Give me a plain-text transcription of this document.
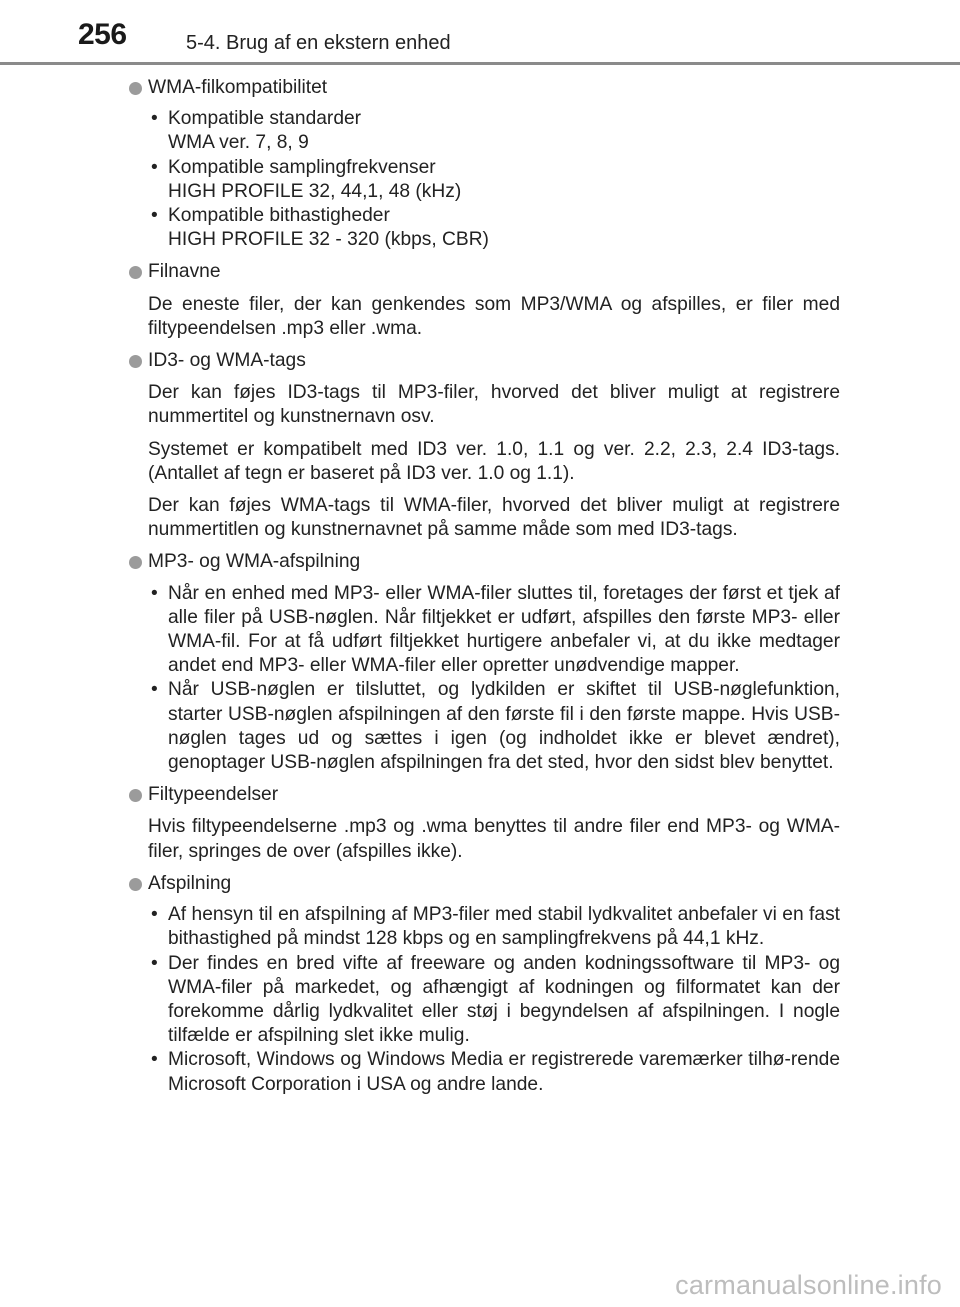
256	5-4. Brug af en ekstern enhed
WMA-filkompatibilitet
• Kompatible standarder
WMA ver. 7, 8, 9
• Kompatible samplingfrekvenser
HIGH PROFILE 32, 44,1, 48 (kHz)
• Kompatible bithastigheder
HIGH PROFILE 32 - 320 (kbps, CBR)
Filnavne
De eneste filer, der kan genkendes som MP3/WMA og afspilles, er filer med filtypeendelsen .mp3 eller .wma.
ID3- og WMA-tags
Der kan føjes ID3-tags til MP3-filer, hvorved det bliver muligt at registrere nummertitel og kunstnernavn osv.
Systemet er kompatibelt med ID3 ver. 1.0, 1.1 og ver. 2.2, 2.3, 2.4 ID3-tags. (Antallet af tegn er baseret på ID3 ver. 1.0 og 1.1).
Der kan føjes WMA-tags til WMA-filer, hvorved det bliver muligt at registrere nummertitlen og kunstnernavnet på samme måde som med ID3-tags.
MP3- og WMA-afspilning
• Når en enhed med MP3- eller WMA-filer sluttes til, foretages der først et tjek af alle filer på USB-nøglen. Når filtjekket er udført, afspilles den første MP3- eller WMA-fil. For at få udført filtjekket hurtigere anbefaler vi, at du ikke medtager andet end MP3- eller WMA-filer eller opretter unødvendige mapper.
• Når USB-nøglen er tilsluttet, og lydkilden er skiftet til USB-nøglefunktion, starter USB-nøglen afspilningen af den første fil i den første mappe. Hvis USB-nøglen tages ud og sættes i igen (og indholdet ikke er blevet ændret), genoptager USB-nøglen afspilningen fra det sted, hvor den sidst blev benyttet.
Filtypeendelser
Hvis filtypeendelserne .mp3 og .wma benyttes til andre filer end MP3- og WMA-filer, springes de over (afspilles ikke).
Afspilning
• Af hensyn til en afspilning af MP3-filer med stabil lydkvalitet anbefaler vi en fast bithastighed på mindst 128 kbps og en samplingfrekvens på 44,1 kHz.
• Der findes en bred vifte af freeware og anden kodningssoftware til MP3- og WMA-filer på markedet, og afhængigt af kodningen og filformatet kan der forekomme dårlig lydkvalitet eller støj i begyndelsen af afspilningen. I nogle tilfælde er afspilning slet ikke mulig.
• Microsoft, Windows og Windows Media er registrerede varemærker tilhø-rende Microsoft Corporation i USA og andre lande.
carmanualsonline.info
